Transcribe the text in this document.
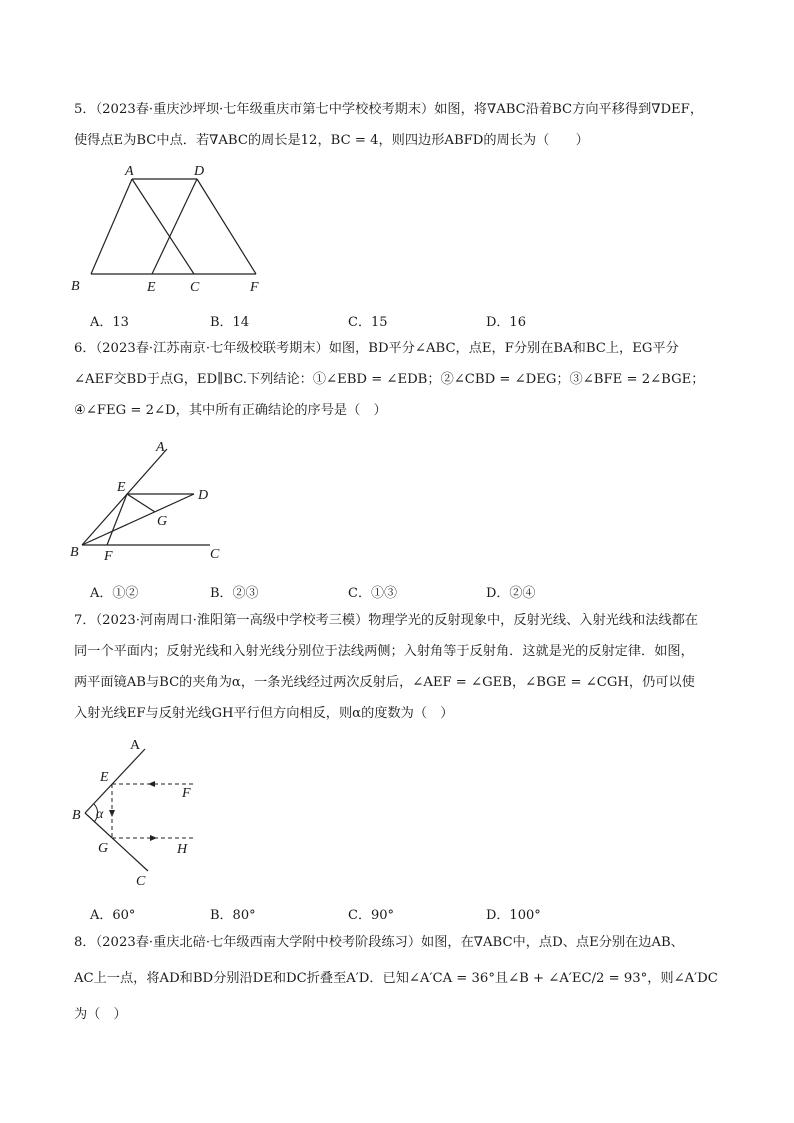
5．（2023春·重庆沙坪坝·七年级重庆市第七中学校校考期末）如图，将∇ABC沿着BC方向平移得到∇DEF，
使得点E为BC中点．若∇ABC的周长是12，BC = 4，则四边形ABFD的周长为（　　）
A	D
B	E C	F
A．13	B．14	C．15	D．16
6．（2023春·江苏南京·七年级校联考期末）如图，BD平分∠ABC，点E，F分别在BA和BC上，EG平分
∠AEF交BD于点G，ED∥BC.下列结论：①∠EBD = ∠EDB；②∠CBD = ∠DEG；③∠BFE = 2∠BGE；
④∠FEG = 2∠D，其中所有正确结论的序号是（　）
A
E
D
G
B F	C
A．①②	B．②③	C．①③	D．②④
7．（2023·河南周口·淮阳第一高级中学校考三模）物理学光的反射现象中，反射光线、入射光线和法线都在
同一个平面内；反射光线和入射光线分别位于法线两侧；入射角等于反射角．这就是光的反射定律．如图，
两平面镜AB与BC的夹角为α，一条光线经过两次反射后，∠AEF = ∠GEB，∠BGE = ∠CGH，仍可以使
入射光线EF与反射光线GH平行但方向相反，则α的度数为（　）
A
E
F
B α
G	H
C
A．60°	B．80°	C．90°	D．100°
8．（2023春·重庆北碚·七年级西南大学附中校考阶段练习）如图，在∇ABC中，点D、点E分别在边AB、
AC上一点，将AD和BD分别沿DE和DC折叠至A′D．已知∠A′CA = 36°且∠B + ∠A′EC/2 = 93°，则∠A′DC
为（　）
